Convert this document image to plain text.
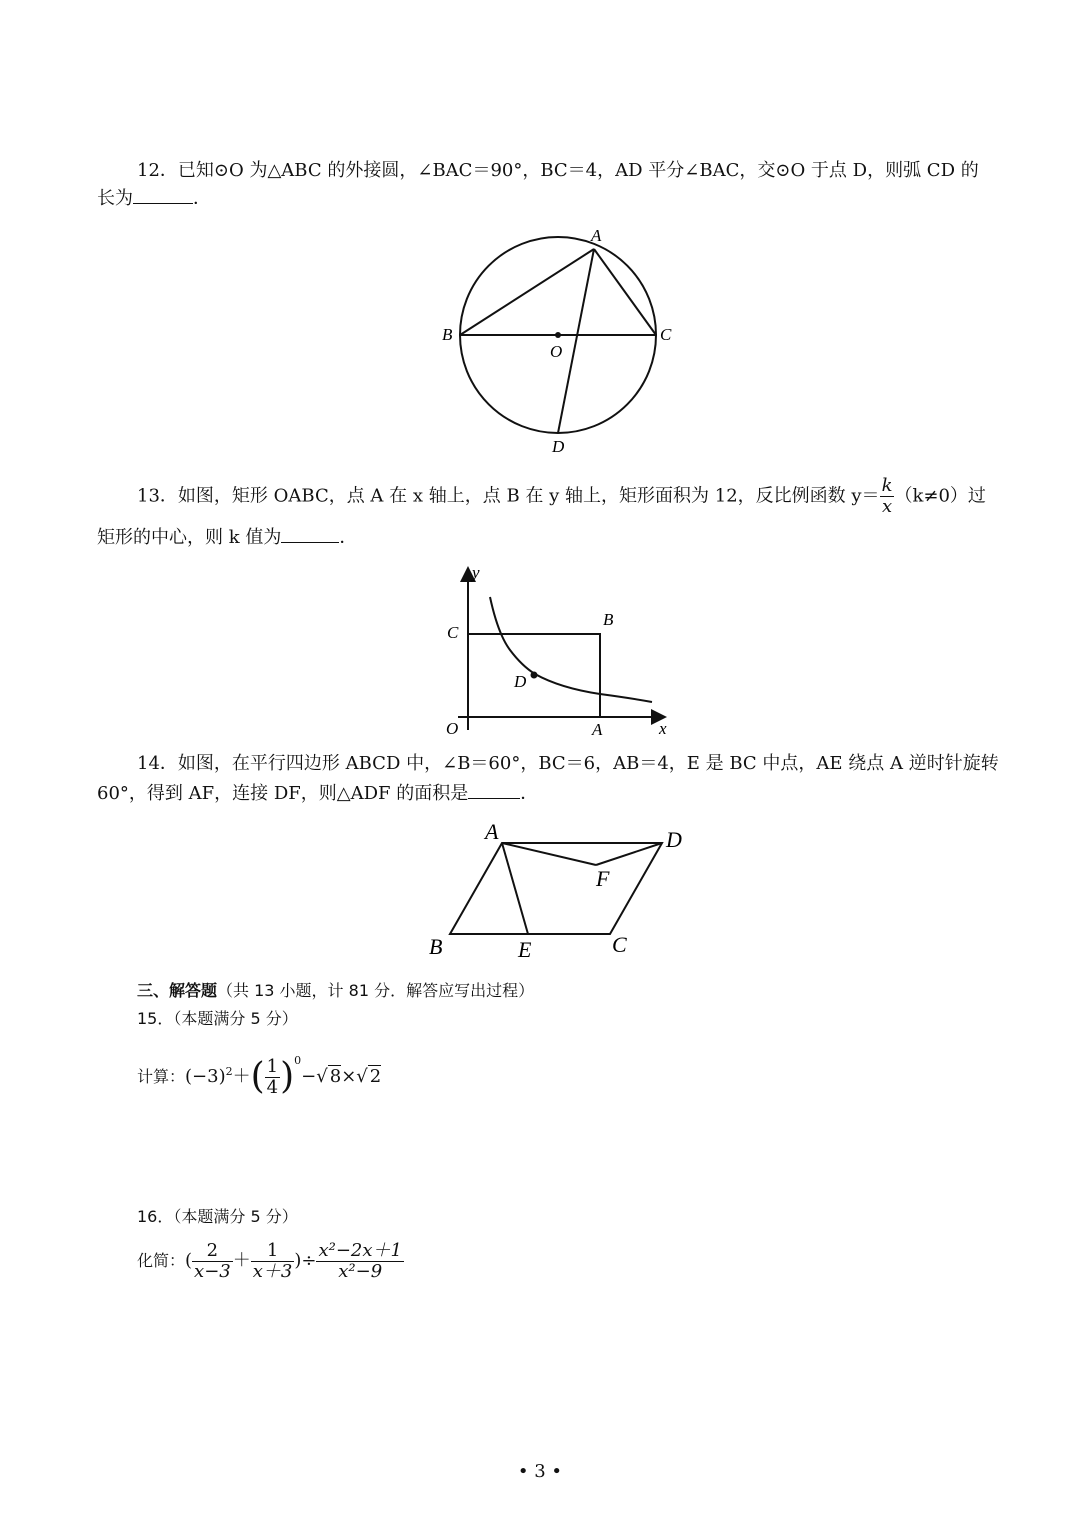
12．已知⊙O 为△ABC 的外接圆，∠BAC＝90°，BC＝4，AD 平分∠BAC，交⊙O 于点 D，则弧 CD 的
长为	．
A
B	C
O
D
13．如图，矩形 OABC，点 A 在 x 轴上，点 B 在 y 轴上，矩形面积为 12，反比例函数 $y= \frac{k}{x} (k\ne 0)$过
矩形的中心，则 k 值为	．
y
x
O	A
B
C
D
14．如图，在平行四边形 ABCD 中，∠B＝60°，BC＝6，AB＝4，E 是 BC 中点，AE 绕点 A 逆时针旋转
60°，得到 AF，连接 DF，则△ADF 的面积是	．
A	D
F
B	E	C
三、解答题（共 13 小题，计 81 分．解答应写出过程）
15．（本题满分 5 分）
计算：$(-3)^2+( \frac{1}{4} )^0-√$ 8×√ 2
16．（本题满分 5 分）
化简：( $\frac{2}{x-3} + \frac{1}{x+3}$ )÷ $\frac{\text{x²−2x＋1}}{\text{x²−9}}$
• 3 •
